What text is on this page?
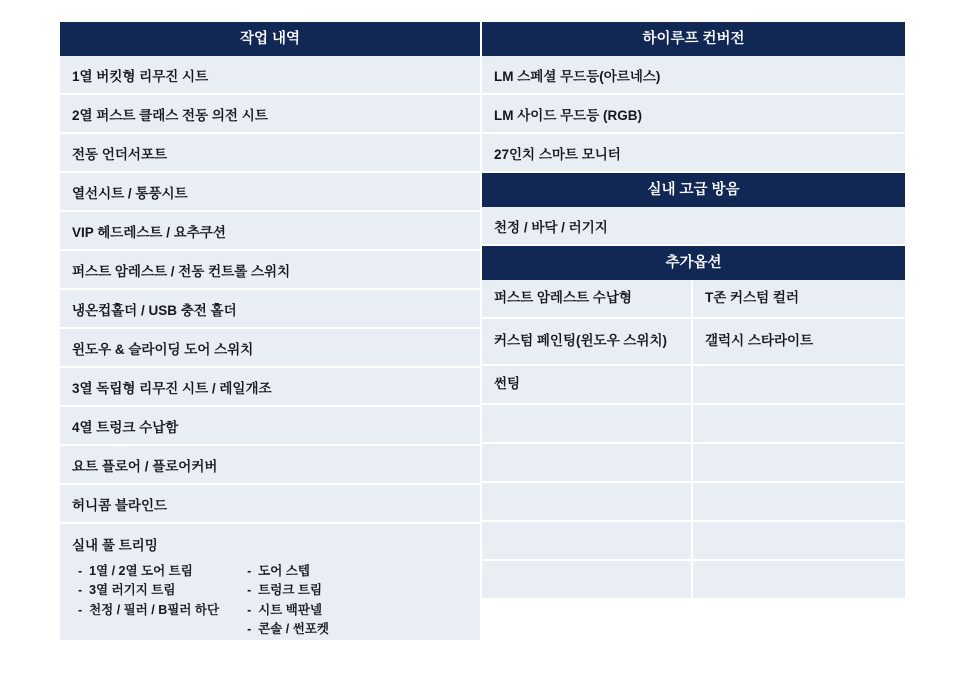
작업 내역
1열 버킷형 리무진 시트
2열 퍼스트 클래스 전동 의전 시트
전동 언더서포트
열선시트 / 통풍시트
VIP 헤드레스트 / 요추쿠션
퍼스트 암레스트 / 전동 컨트롤 스위치
냉온컵홀더 / USB 충전 홀더
윈도우 & 슬라이딩 도어 스위치
3열 독립형 리무진 시트 / 레일개조
4열 트렁크 수납함
요트 플로어 / 플로어커버
허니콤 블라인드
실내 풀 트리밍
- 1열 / 2열 도어 트림
- 3열 러기지 트림
- 천정 / 필러 / B필러 하단
- 도어 스텝
- 트렁크 트림
- 시트 백판넬
- 콘솔 / 썬포켓
하이루프 컨버전
LM 스페셜 무드등(아르네스)
LM 사이드 무드등 (RGB)
27인치 스마트 모니터
실내 고급 방음
천정 / 바닥 / 러기지
추가옵션
퍼스트 암레스트 수납형
커스텀 페인팅(윈도우 스위치)
썬팅
T존 커스텀 컬러
갤럭시 스타라이트
